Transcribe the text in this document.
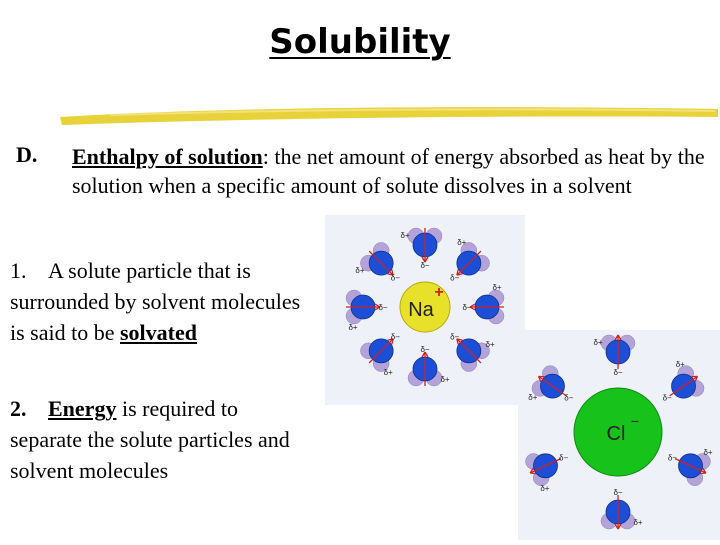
Solubility
D. Enthalpy of solution: the net amount of energy absorbed as heat by the solution when a specific amount of solute dissolves in a solvent
1. A solute particle that is surrounded by solvent molecules is said to be solvated
2. Energy is required to separate the solute particles and solvent molecules
δ+
δ−
δ+
δ−
δ+
δ−
δ+
δ−
δ+
δ−
δ+
δ−
δ+
δ−
δ+
δ−
Na
+
δ+
δ−
δ+
δ−
δ+
δ−
δ+
δ−
δ+
δ−
δ+	δ−
Cl
−
